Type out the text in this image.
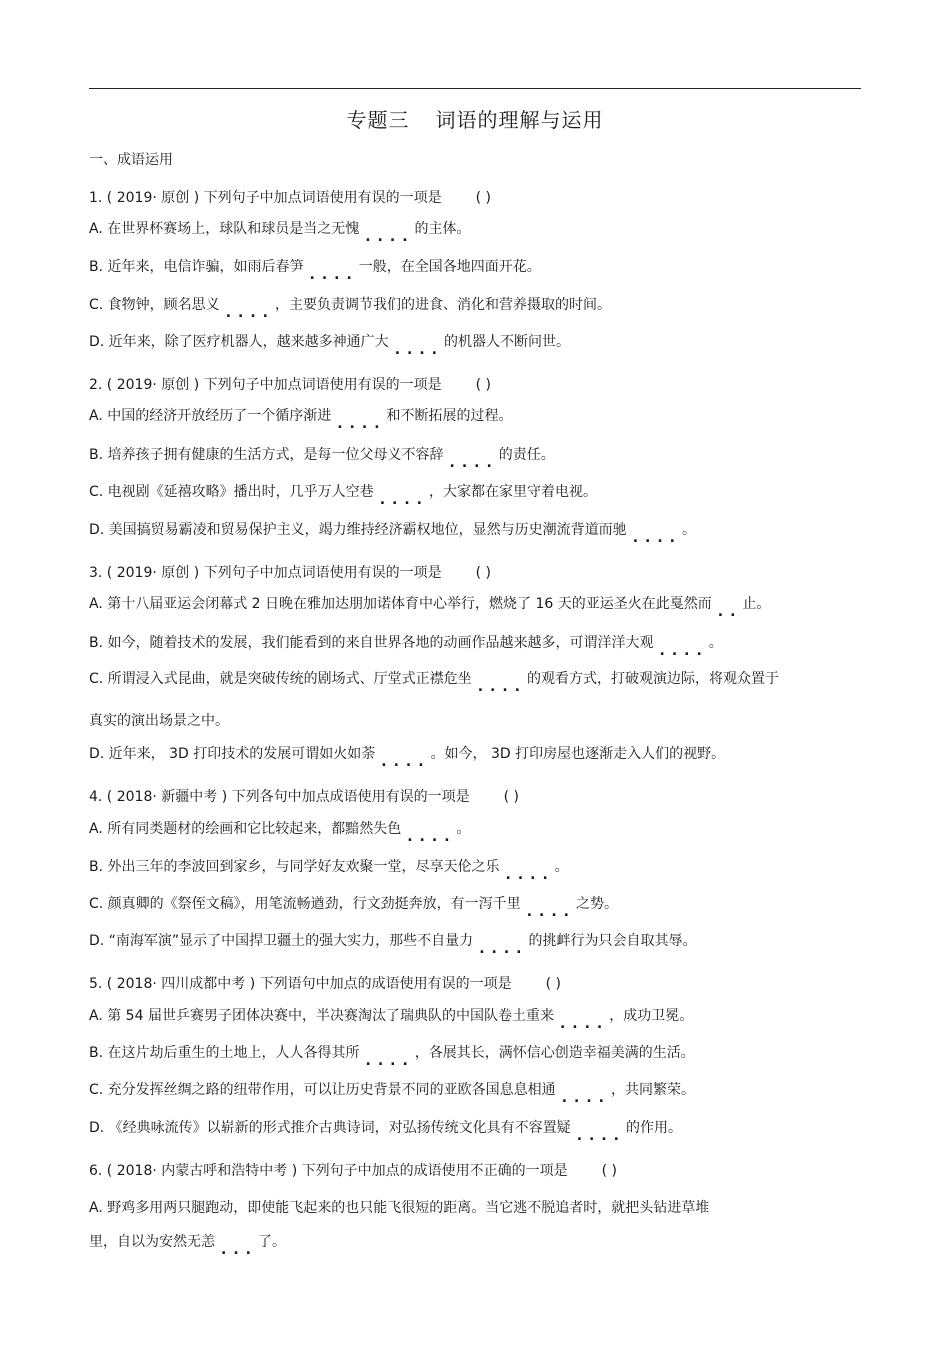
专题三 词语的理解与运用
一、成语运用
1. ( 2019· 原创 ) 下列句子中加点词语使用有误的一项是 ( )
A. 在世界杯赛场上，球队和球员是当之无愧 ....的主体。
B. 近年来，电信诈骗，如雨后春笋 ....一般，在全国各地四面开花。
C. 食物钟，顾名思义 ....，主要负责调节我们的进食、消化和营养摄取的时间。
D. 近年来，除了医疗机器人，越来越多神通广大 ....的机器人不断问世。
2. ( 2019· 原创 ) 下列句子中加点词语使用有误的一项是 ( )
A. 中国的经济开放经历了一个循序渐进 ....和不断拓展的过程。
B. 培养孩子拥有健康的生活方式，是每一位父母义不容辞 ....的责任。
C. 电视剧《延禧攻略》播出时，几乎万人空巷 ....，大家都在家里守着电视。
D. 美国搞贸易霸凌和贸易保护主义，竭力维持经济霸权地位，显然与历史潮流背道而驰 ....。
3. ( 2019· 原创 ) 下列句子中加点词语使用有误的一项是 ( )
A. 第十八届亚运会闭幕式 2 日晚在雅加达朋加诺体育中心举行，燃烧了 16 天的亚运圣火在此戛然而 ..止。
B. 如今，随着技术的发展，我们能看到的来自世界各地的动画作品越来越多，可谓洋洋大观 ....。
C. 所谓浸入式昆曲，就是突破传统的剧场式、厅堂式正襟危坐 ....的观看方式，打破观演边际，将观众置于
真实的演出场景之中。
D. 近年来， 3D 打印技术的发展可谓如火如荼 ....。如今， 3D 打印房屋也逐渐走入人们的视野。
4. ( 2018· 新疆中考 ) 下列各句中加点成语使用有误的一项是 ( )
A. 所有同类题材的绘画和它比较起来，都黯然失色 ....。
B. 外出三年的李波回到家乡，与同学好友欢聚一堂，尽享天伦之乐 ....。
C. 颜真卿的《祭侄文稿》，用笔流畅遒劲，行文劲挺奔放，有一泻千里 ....之势。
D. “南海军演”显示了中国捍卫疆土的强大实力，那些不自量力 ....的挑衅行为只会自取其辱。
5. ( 2018· 四川成都中考 ) 下列语句中加点的成语使用有误的一项是 ( )
A. 第 54 届世乒赛男子团体决赛中，半决赛淘汰了瑞典队的中国队卷土重来 ....，成功卫冕。
B. 在这片劫后重生的土地上，人人各得其所 ....，各展其长，满怀信心创造幸福美满的生活。
C. 充分发挥丝绸之路的纽带作用，可以让历史背景不同的亚欧各国息息相通 ....，共同繁荣。
D. 《经典咏流传》以崭新的形式推介古典诗词，对弘扬传统文化具有不容置疑 ....的作用。
6. ( 2018· 内蒙古呼和浩特中考 ) 下列句子中加点的成语使用不正确的一项是 ( )
A. 野鸡多用两只腿跑动，即使能飞起来的也只能飞很短的距离。当它逃不脱追者时，就把头钻进草堆
里，自以为安然无恙 ...了。
